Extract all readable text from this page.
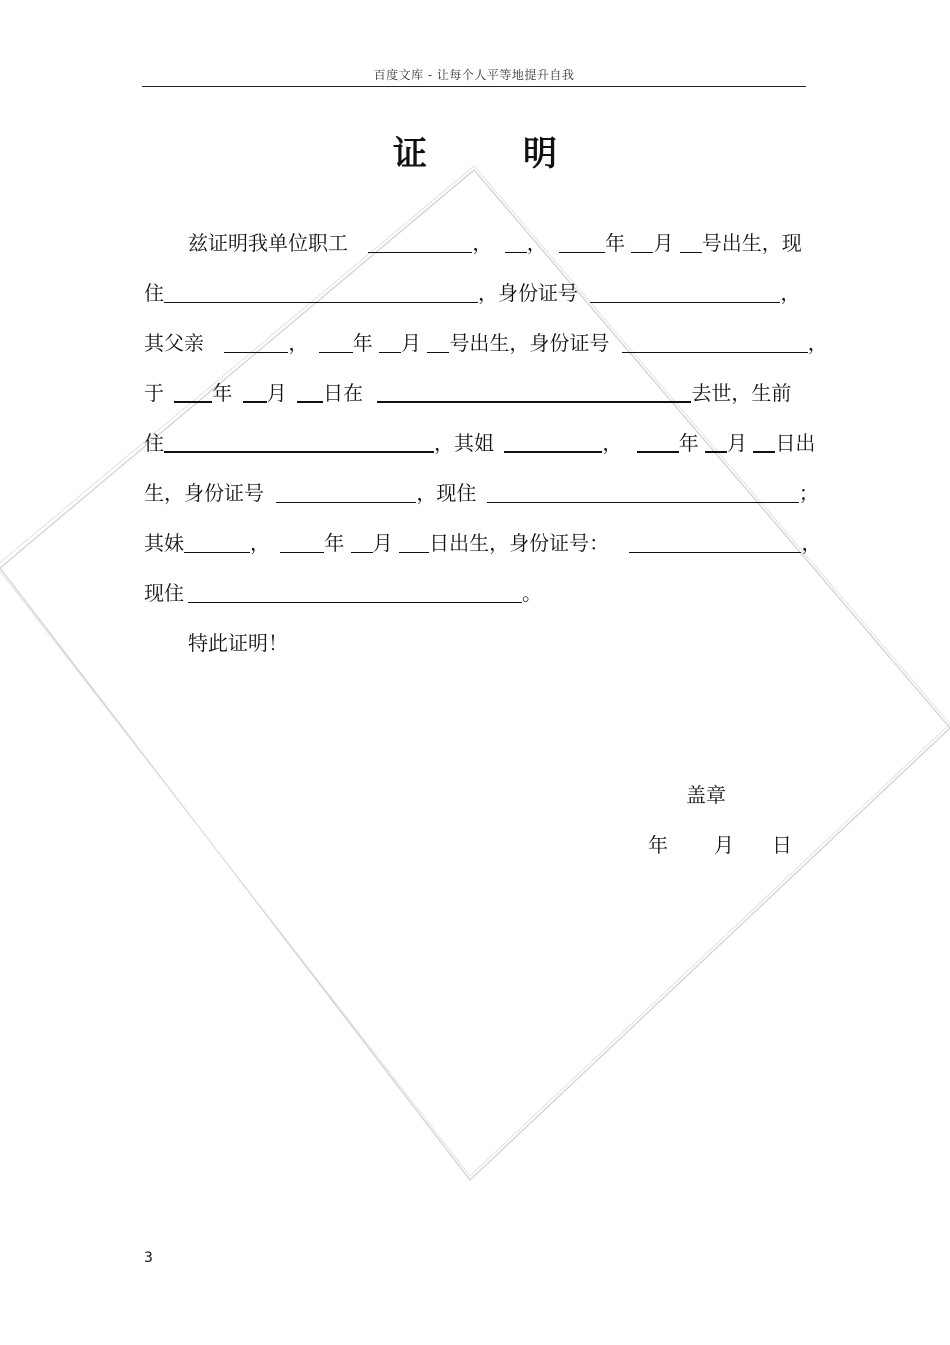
百度文库 - 让每个人平等地提升自我
证	明
兹证明我单位职工	， ，	年 月 号出生，现
住	，身份证号	，
其父亲	， 年 月 号出生，身份证号	，
于 年 月 日在	去世，生前
住	，其姐	，	年 月 日出
生，身份证号	，现住	；
其妹	，	年 月 日出生，身份证号：	，
现住	。
特此证明！
盖章
年 月 日
3
